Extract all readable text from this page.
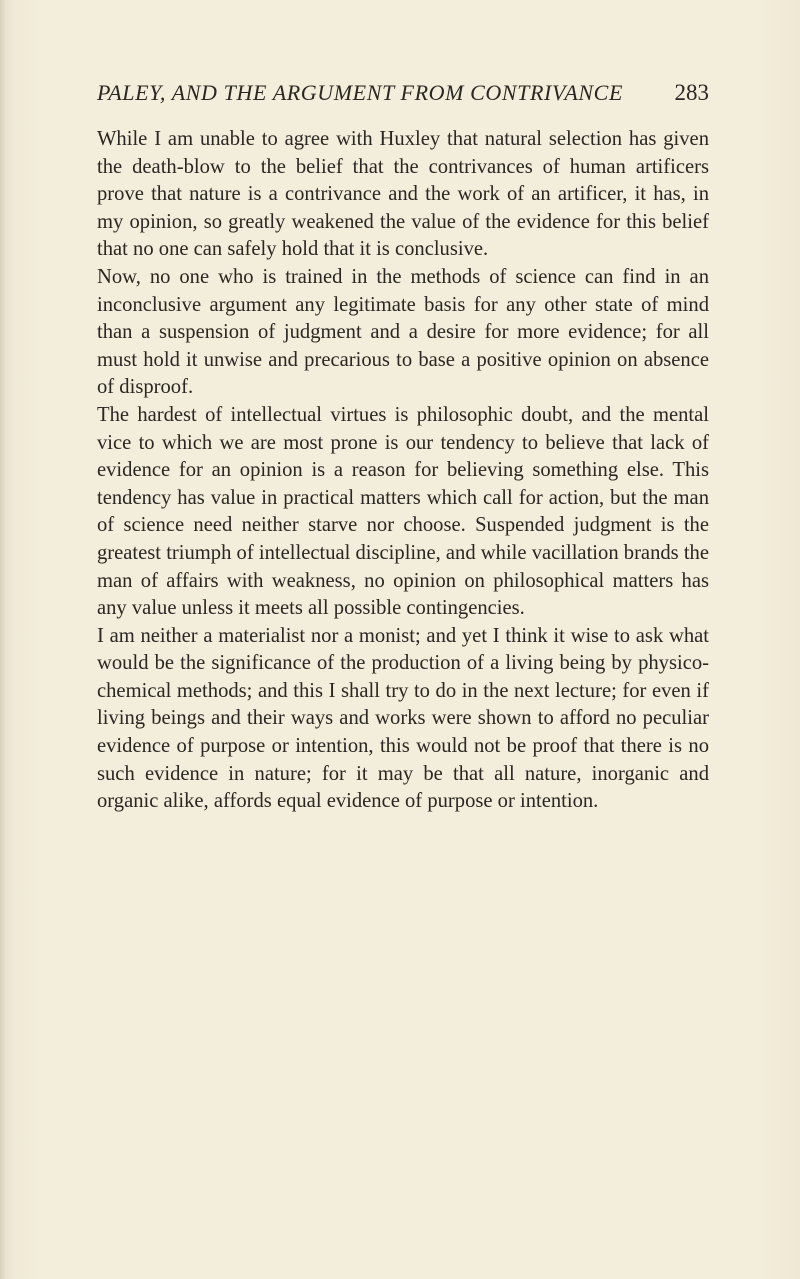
PALEY, AND THE ARGUMENT FROM CONTRIVANCE 283

While I am unable to agree with Huxley that natural selection has given the death-blow to the belief that the contrivances of human artificers prove that nature is a contrivance and the work of an artificer, it has, in my opinion, so greatly weakened the value of the evidence for this belief that no one can safely hold that it is conclusive.

Now, no one who is trained in the methods of science can find in an inconclusive argument any legitimate basis for any other state of mind than a suspension of judgment and a desire for more evidence; for all must hold it unwise and precarious to base a positive opinion on absence of disproof.

The hardest of intellectual virtues is philosophic doubt, and the mental vice to which we are most prone is our tendency to believe that lack of evidence for an opinion is a reason for believing something else. This tendency has value in practical matters which call for action, but the man of science need neither starve nor choose. Suspended judgment is the greatest triumph of intellectual discipline, and while vacillation brands the man of affairs with weakness, no opinion on philosophical matters has any value unless it meets all possible contingencies.

I am neither a materialist nor a monist; and yet I think it wise to ask what would be the significance of the production of a living being by physico-chemical methods; and this I shall try to do in the next lecture; for even if living beings and their ways and works were shown to afford no peculiar evidence of purpose or intention, this would not be proof that there is no such evidence in nature; for it may be that all nature, inorganic and organic alike, affords equal evidence of purpose or intention.
